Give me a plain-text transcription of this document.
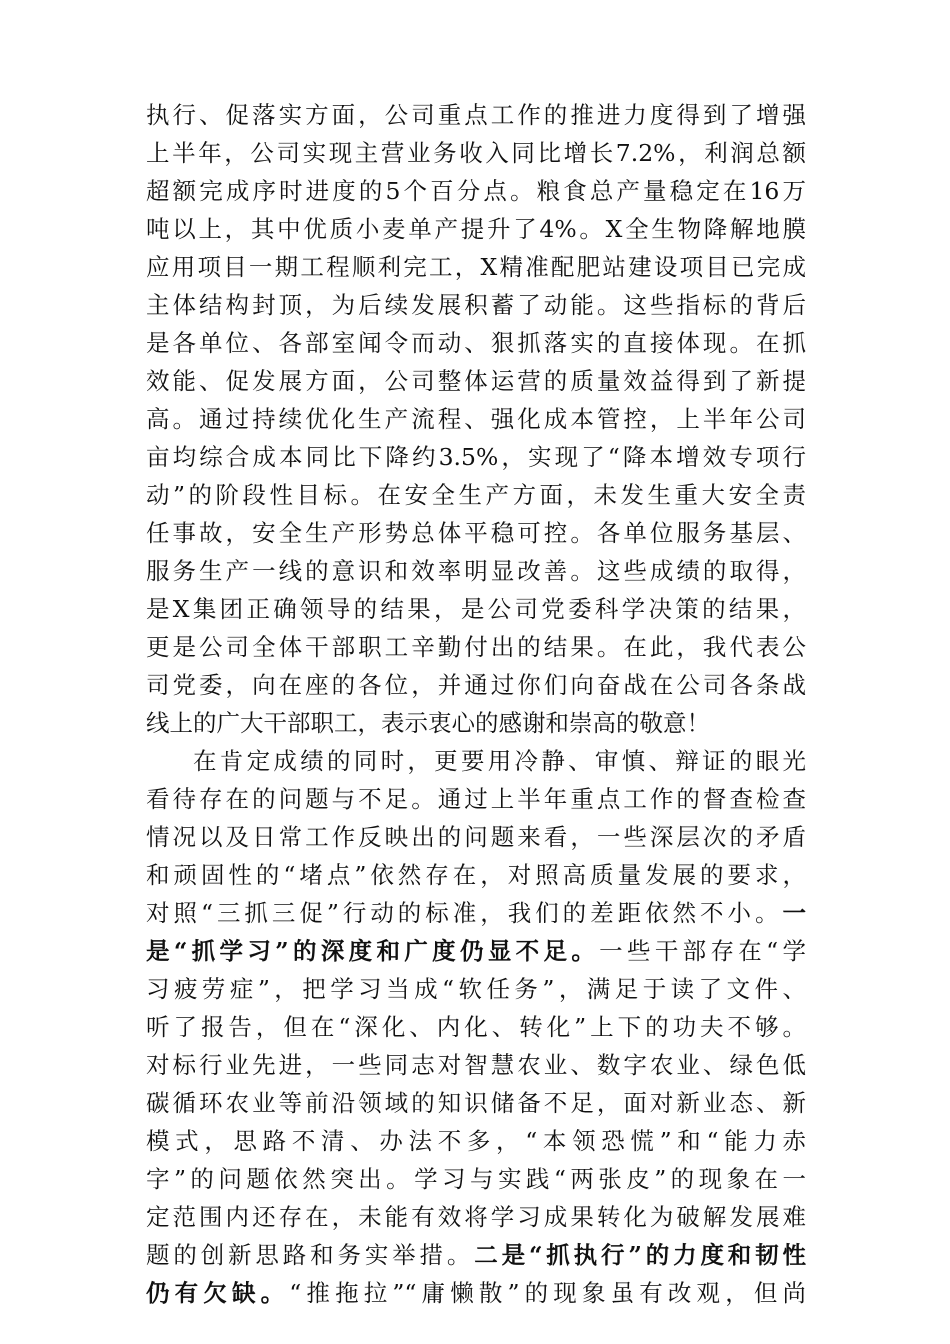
执行、促落实方面，公司重点工作的推进力度得到了增强
上半年，公司实现主营业务收入同比增长7.2%，利润总额
超额完成序时进度的5个百分点。粮食总产量稳定在16万
吨以上，其中优质小麦单产提升了4%。X全生物降解地膜
应用项目一期工程顺利完工，X精准配肥站建设项目已完成
主体结构封顶，为后续发展积蓄了动能。这些指标的背后
是各单位、各部室闻令而动、狠抓落实的直接体现。在抓
效能、促发展方面，公司整体运营的质量效益得到了新提
高。通过持续优化生产流程、强化成本管控，上半年公司
亩均综合成本同比下降约3.5%，实现了“降本增效专项行
动”的阶段性目标。在安全生产方面，未发生重大安全责
任事故，安全生产形势总体平稳可控。各单位服务基层、
服务生产一线的意识和效率明显改善。这些成绩的取得，
是X集团正确领导的结果，是公司党委科学决策的结果，
更是公司全体干部职工辛勤付出的结果。在此，我代表公
司党委，向在座的各位，并通过你们向奋战在公司各条战
线上的广大干部职工，表示衷心的感谢和崇高的敬意！
在肯定成绩的同时，更要用冷静、审慎、辩证的眼光
看待存在的问题与不足。通过上半年重点工作的督查检查
情况以及日常工作反映出的问题来看，一些深层次的矛盾
和顽固性的“堵点”依然存在，对照高质量发展的要求，
对照“三抓三促”行动的标准，我们的差距依然不小。一
是“抓学习”的深度和广度仍显不足。一些干部存在“学
习疲劳症”，把学习当成“软任务”，满足于读了文件、
听了报告，但在“深化、内化、转化”上下的功夫不够。
对标行业先进，一些同志对智慧农业、数字农业、绿色低
碳循环农业等前沿领域的知识储备不足，面对新业态、新
模式，思路不清、办法不多，“本领恐慌”和“能力赤
字”的问题依然突出。学习与实践“两张皮”的现象在一
定范围内还存在，未能有效将学习成果转化为破解发展难
题的创新思路和务实举措。二是“抓执行”的力度和韧性
仍有欠缺。“推拖拉”“庸懒散”的现象虽有改观，但尚
